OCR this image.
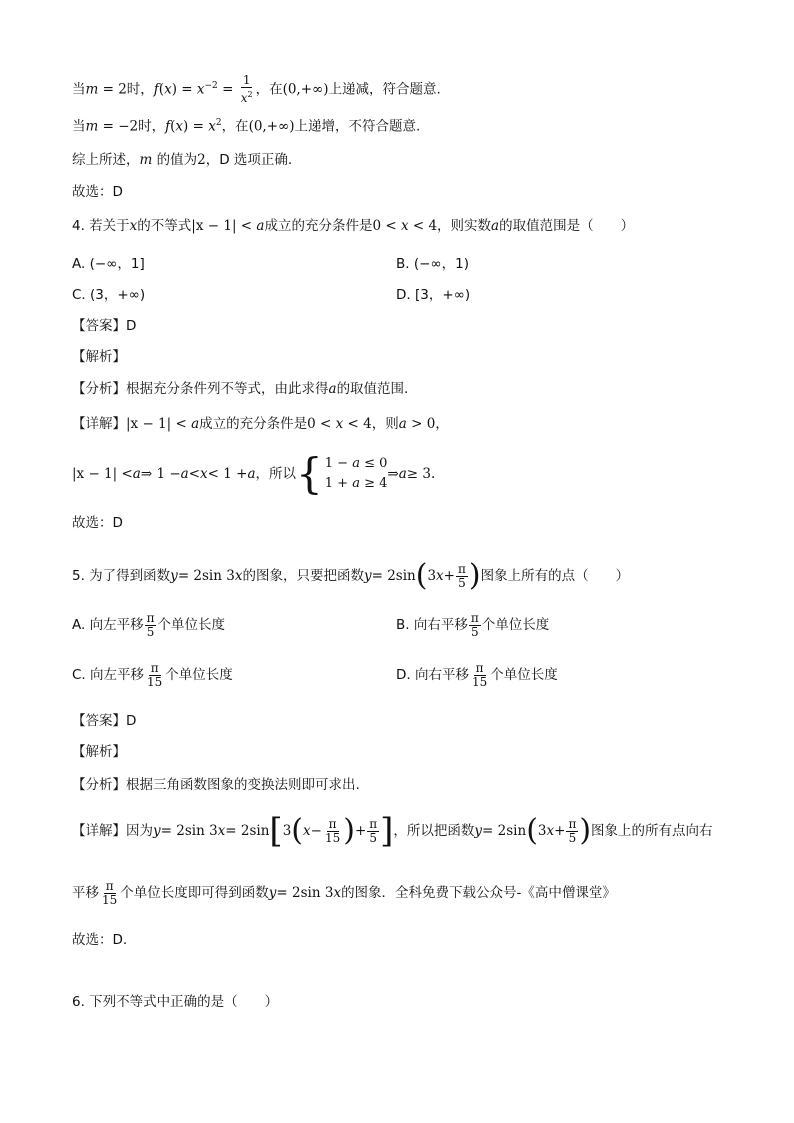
当m = 2时，$f(x) = x^{-2} = \frac{1}{x^2}$ ，在(0,+∞)上递减，符合题意.
当m = −2时，$f(x) = x^2$，在(0,+∞)上递增，不符合题意.
综上所述，m 的值为2，D 选项正确.
故选：D
4. 若关于x的不等式|x − 1| < a成立的充分条件是0 < x < 4，则实数a的取值范围是（　　）
A. (−∞，1]	B. (−∞，1)
C. (3，+∞)	D. [3，+∞)
【答案】D
【解析】
【分析】根据充分条件列不等式，由此求得a的取值范围.
【详解】|x − 1| < a成立的充分条件是0 < x < 4，则a > 0，
|x − 1| < a ⇒ 1 − a < x < 1 + a ，所以 { 1 − a ≤ 0
1 + a ≥ 4
⇒ a ≥ 3.
故选：D
5. 为了得到函数 y = 2sin 3 x 的图象，只要把函数 y = 2sin ( 3 $x + \frac{\pi}{5}$ ) 图象上所有的点（　　）
A. 向左平移 $\frac{\pi}{5}$ 个单位长度	B. 向右平移 $\frac{\pi}{5}$ 个单位长度
C. 向左平移 $\frac{\pi}{15}$ 个单位长度	D. 向右平移 $\frac{\pi}{15}$ 个单位长度
【答案】D
【解析】
【分析】根据三角函数图象的变换法则即可求出.
【详解】因为 y = 2sin 3 x = 2sin [ 3 ( $x - \frac{\pi}{15}$ ) + $\frac{\pi}{5}$ ] ，所以把函数 y = 2sin ( 3 $x + \frac{\pi}{5}$ ) 图象上的所有点向右
平移 $\frac{\pi}{15}$ 个单位长度即可得到函数 y = 2sin 3 x 的图象．全科免费下载公众号-《高中僧课堂》
故选：D.
6. 下列不等式中正确的是（　　）
